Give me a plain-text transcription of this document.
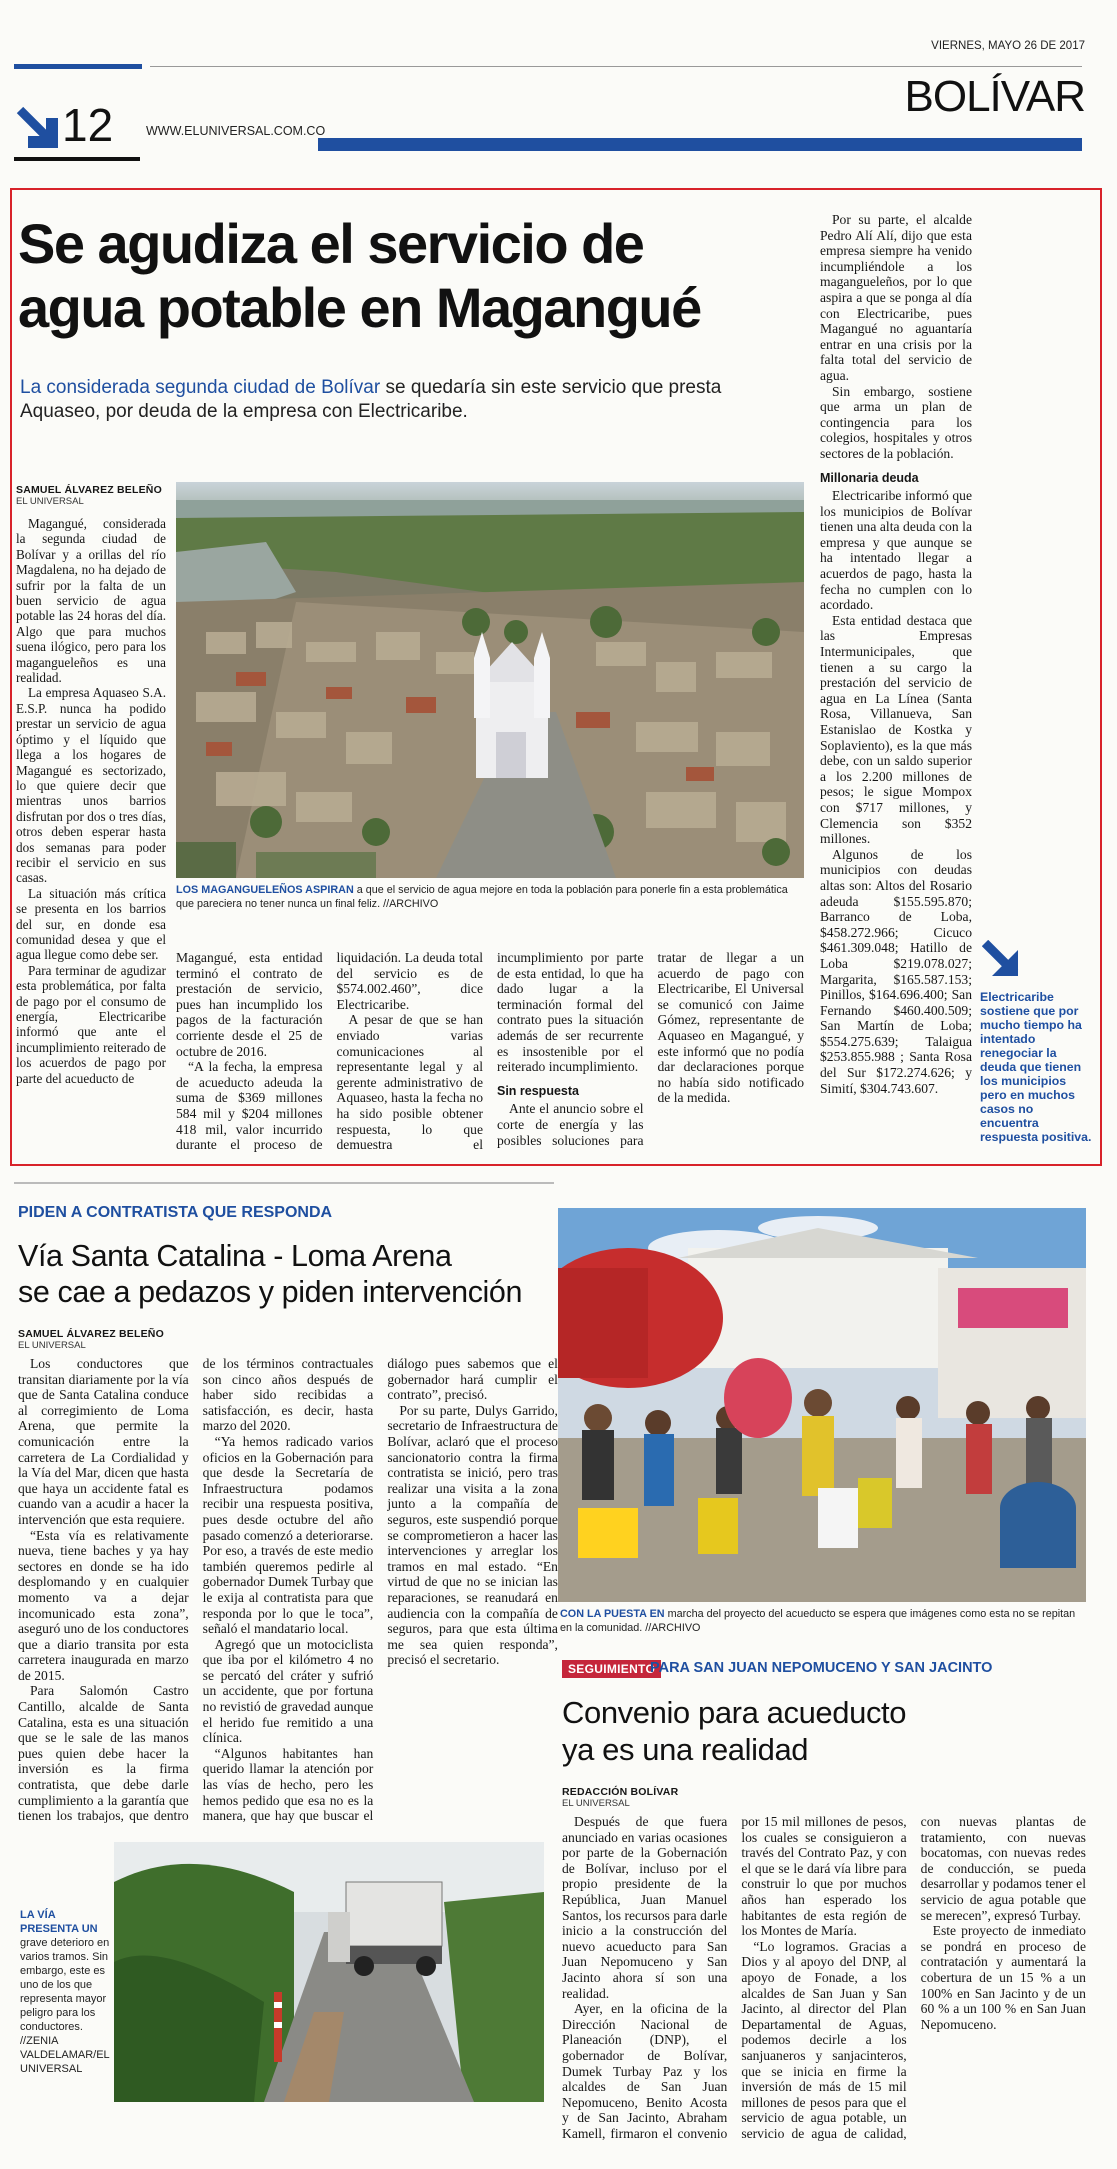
VIERNES, MAYO 26 DE 2017
BOLÍVAR
12	WWW.ELUNIVERSAL.COM.CO
Se agudiza el servicio de
agua potable en Magangué
La considerada segunda ciudad de Bolívar se quedaría sin este servicio que presta Aquaseo, por deuda de la empresa con Electricaribe.
SAMUEL ÁLVAREZ BELEÑO
EL UNIVERSAL

Magangué, considerada la segunda ciudad de Bolívar y a orillas del río Magdalena, no ha dejado de sufrir por la falta de un buen servicio de agua potable las 24 horas del día. Algo que para muchos suena ilógico, pero para los magangueleños es una realidad.

La empresa Aquaseo S.A. E.S.P. nunca ha podido prestar un servicio de agua óptimo y el líquido que llega a los hogares de Magangué es sectorizado, lo que quiere decir que mientras unos barrios disfrutan por dos o tres días, otros deben esperar hasta dos semanas para poder recibir el servicio en sus casas.

La situación más crítica se presenta en los barrios del sur, en donde esa comunidad desea y que el agua llegue como debe ser.

Para terminar de agudizar esta problemática, por falta de pago por el consumo de energía, Electricaribe informó que ante el incumplimiento reiterado de los acuerdos de pago por parte del acueducto de

LOS MAGANGUELEÑOS ASPIRAN a que el servicio de agua mejore en toda la población para ponerle fin a esta problemática que pareciera no tener nunca un final feliz. //ARCHIVO

Magangué, esta entidad terminó el contrato de prestación de servicio, pues han incumplido los pagos de la facturación corriente desde el 25 de octubre de 2016.

“A la fecha, la empresa de acueducto adeuda la suma de $369 millones 584 mil y $204 millones 418 mil, valor incurrido durante el proceso de liquidación. La deuda total del servicio es de $574.002.460”, dice Electricaribe.

A pesar de que se han enviado varias comunicaciones al representante legal y al gerente administrativo de Aquaseo, hasta la fecha no ha sido posible obtener respuesta, lo que demuestra el incumplimiento por parte de esta entidad, lo que ha dado lugar a la terminación formal del contrato pues la situación además de ser recurrente es insostenible por el reiterado incumplimiento.

Sin respuesta

Ante el anuncio sobre el corte de energía y las posibles soluciones para tratar de llegar a un acuerdo de pago con Electricaribe, El Universal se comunicó con Jaime Gómez, representante de Aquaseo en Magangué, y este informó que no podía dar declaraciones porque no había sido notificado de la medida.

Por su parte, el alcalde Pedro Alí Alí, dijo que esta empresa siempre ha venido incumpliéndole a los magangueleños, por lo que aspira a que se ponga al día con Electricaribe, pues Magangué no aguantaría entrar en una crisis por la falta total del servicio de agua.

Sin embargo, sostiene que arma un plan de contingencia para los colegios, hospitales y otros sectores de la población.

Millonaria deuda

Electricaribe informó que los municipios de Bolívar tienen una alta deuda con la empresa y que aunque se ha intentado llegar a acuerdos de pago, hasta la fecha no cumplen con lo acordado.

Esta entidad destaca que las Empresas Intermunicipales, que tienen a su cargo la prestación del servicio de agua en La Línea (Santa Rosa, Villanueva, San Estanislao de Kostka y Soplaviento), es la que más debe, con un saldo superior a los 2.200 millones de pesos; le sigue Mompox con $717 millones, y Clemencia son $352 millones.

Algunos de los municipios con deudas altas son: Altos del Rosario adeuda $155.595.870; Barranco de Loba, $458.272.966; Cicuco $461.309.048; Hatillo de Loba $219.078.027; Margarita, $165.587.153; Pinillos, $164.696.400; San Fernando $460.400.509; San Martín de Loba; $554.275.639; Talaigua $253.855.988 ; Santa Rosa del Sur $172.274.626; y Simití, $304.743.607.

Electricaribe sostiene que por mucho tiempo ha intentado renegociar la deuda que tienen los municipios pero en muchos casos no encuentra respuesta positiva.
PIDEN A CONTRATISTA QUE RESPONDA
Vía Santa Catalina - Loma Arena
se cae a pedazos y piden intervención
SAMUEL ÁLVAREZ BELEÑO
EL UNIVERSAL

Los conductores que transitan diariamente por la vía que de Santa Catalina conduce al corregimiento de Loma Arena, que permite la comunicación entre la carretera de La Cordialidad y la Vía del Mar, dicen que hasta que haya un accidente fatal es cuando van a acudir a hacer la intervención que esta requiere.

“Esta vía es relativamente nueva, tiene baches y ya hay sectores en donde se ha ido desplomando y en cualquier momento va a dejar incomunicado esta zona”, aseguró uno de los conductores que a diario transita por esta carretera inaugurada en marzo de 2015.

Para Salomón Castro Cantillo, alcalde de Santa Catalina, esta es una situación que se le sale de las manos pues quien debe hacer la inversión es la firma contratista, que debe darle cumplimiento a la garantía que tienen los trabajos, que dentro de los términos contractuales son cinco años después de haber sido recibidas a satisfacción, es decir, hasta marzo del 2020.

“Ya hemos radicado varios oficios en la Gobernación para que desde la Secretaría de Infraestructura podamos recibir una respuesta positiva, pues desde octubre del año pasado comenzó a deteriorarse. Por eso, a través de este medio también queremos pedirle al gobernador Dumek Turbay que le exija al contratista para que responda por lo que le toca”, señaló el mandatario local.

Agregó que un motociclista que iba por el kilómetro 4 no se percató del cráter y sufrió un accidente, que por fortuna no revistió de gravedad aunque el herido fue remitido a una clínica.

“Algunos habitantes han querido llamar la atención por las vías de hecho, pero les hemos pedido que esa no es la manera, que hay que buscar el diálogo pues sabemos que el gobernador hará cumplir el contrato”, precisó.

Por su parte, Dulys Garrido, secretario de Infraestructura de Bolívar, aclaró que el proceso sancionatorio contra la firma contratista se inició, pero tras realizar una visita a la zona junto a la compañía de seguros, este suspendió porque se comprometieron a hacer las intervenciones y arreglar los tramos en mal estado. “En virtud de que no se inician las reparaciones, se reanudará en audiencia con la compañía de seguros, para que esta última me sea quien responda”, precisó el secretario.

LA VÍA PRESENTA UN grave deterioro en varios tramos. Sin embargo, este es uno de los que representa mayor peligro para los conductores. //ZENIA VALDELAMAR/EL UNIVERSAL
CON LA PUESTA EN marcha del proyecto del acueducto se espera que imágenes como esta no se repitan en la comunidad. //ARCHIVO
SEGUIMIENTO
PARA SAN JUAN NEPOMUCENO Y SAN JACINTO
Convenio para acueducto
ya es una realidad
REDACCIÓN BOLÍVAR
EL UNIVERSAL

Después de que fuera anunciado en varias ocasiones por parte de la Gobernación de Bolívar, incluso por el propio presidente de la República, Juan Manuel Santos, los recursos para darle inicio a la construcción del nuevo acueducto para San Juan Nepomuceno y San Jacinto ahora sí son una realidad.

Ayer, en la oficina de la Dirección Nacional de Planeación (DNP), el gobernador de Bolívar, Dumek Turbay Paz y los alcaldes de San Juan Nepomuceno, Benito Acosta y de San Jacinto, Abraham Kamell, firmaron el convenio por 15 mil millones de pesos, los cuales se consiguieron a través del Contrato Paz, y con el que se le dará vía libre para construir lo que por muchos años han esperado los habitantes de esta región de los Montes de María.

“Lo logramos. Gracias a Dios y al apoyo del DNP, al apoyo de Fonade, a los alcaldes de San Juan y San Jacinto, al director del Plan Departamental de Aguas, podemos decirle a los sanjuaneros y sanjacinteros, que se inicia en firme la inversión de más de 15 mil millones de pesos para que el servicio de agua potable, un servicio de agua de calidad, con nuevas plantas de tratamiento, con nuevas bocatomas, con nuevas redes de conducción, se pueda desarrollar y podamos tener el servicio de agua potable que se merecen”, expresó Turbay.

Este proyecto de inmediato se pondrá en proceso de contratación y aumentará la cobertura de un 15 % a un 100% en San Jacinto y de un 60 % a un 100 % en San Juan Nepomuceno.
